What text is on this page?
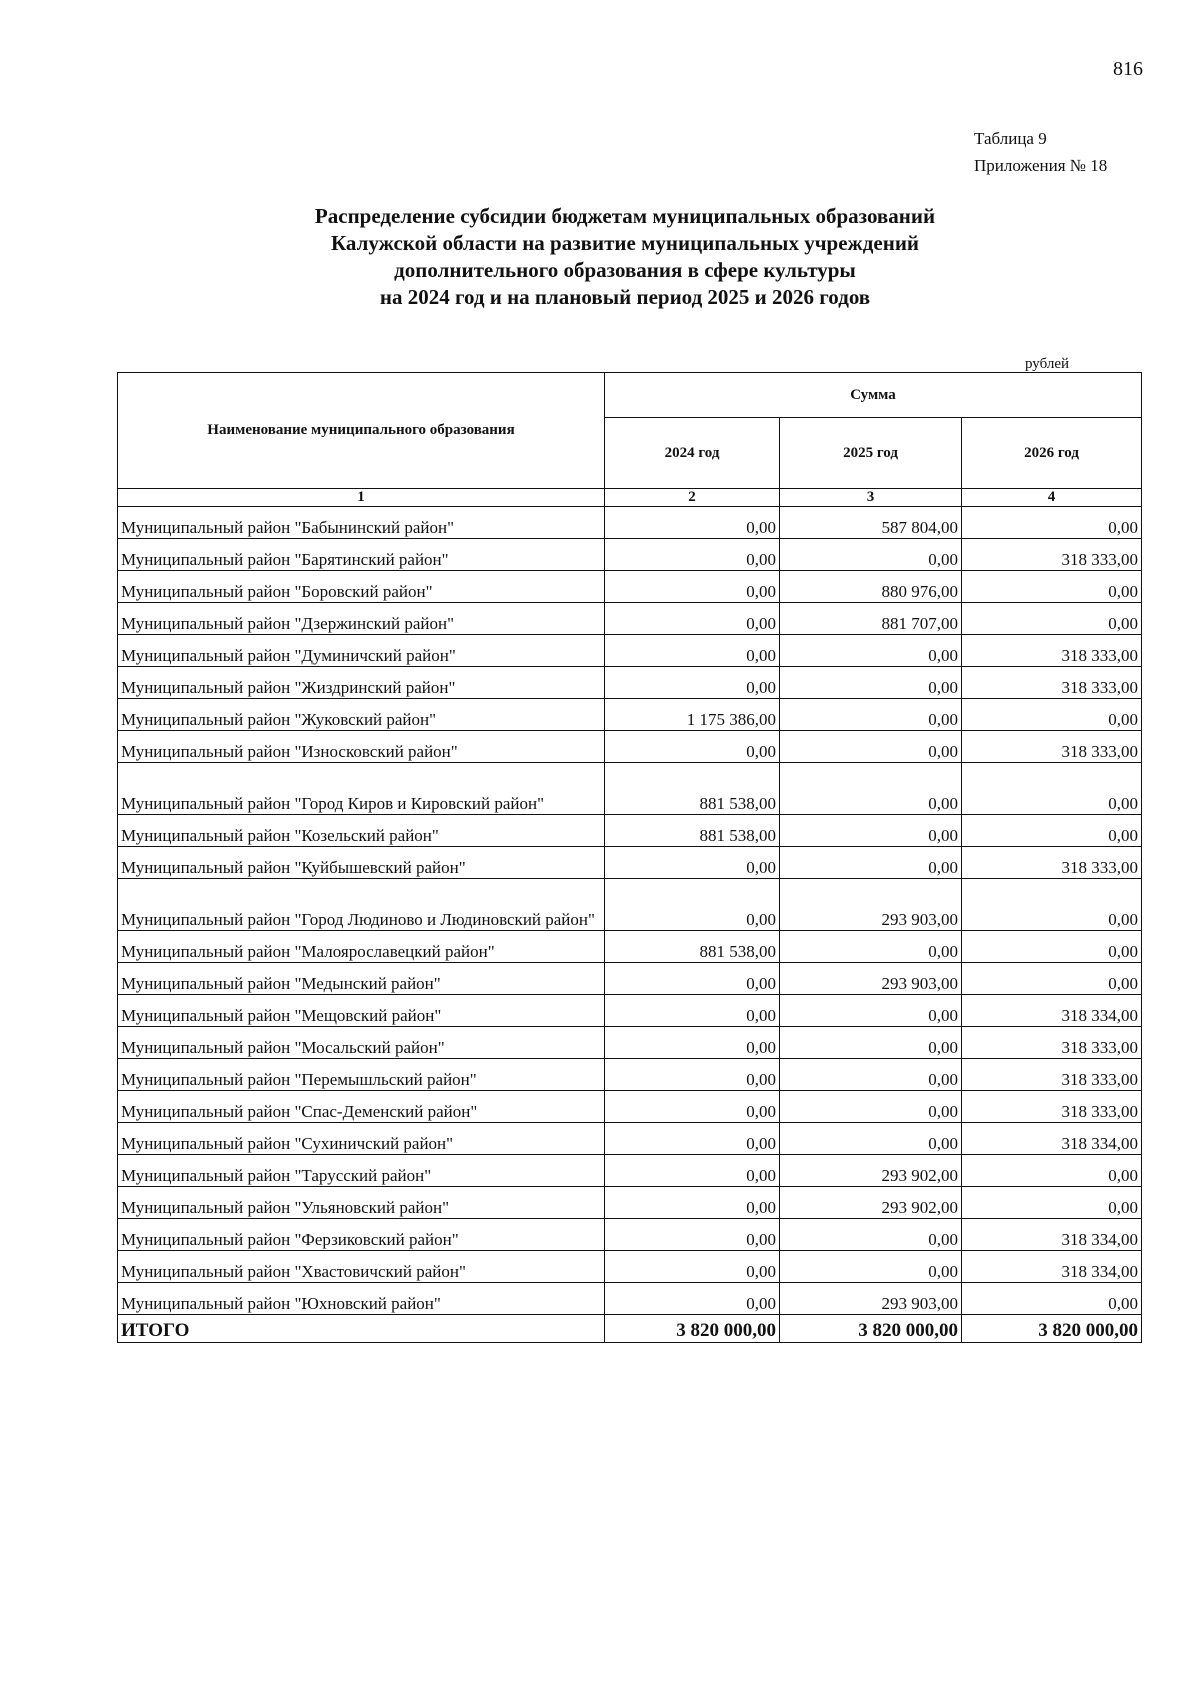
816
Таблица 9
Приложения № 18
Распределение субсидии бюджетам муниципальных образований
Калужской области на развитие муниципальных учреждений
дополнительного образования в сфере культуры
на 2024 год и на плановый период 2025 и 2026 годов
рублей
Наименование муниципального образования	Сумма		
	2024 год	2025 год	2026 год
1	2	3	4
Муниципальный район "Бабынинский район"	0,00	587 804,00	0,00
Муниципальный район "Барятинский район"	0,00	0,00	318 333,00
Муниципальный район "Боровский район"	0,00	880 976,00	0,00
Муниципальный район "Дзержинский район"	0,00	881 707,00	0,00
Муниципальный район "Думиничский район"	0,00	0,00	318 333,00
Муниципальный район "Жиздринский район"	0,00	0,00	318 333,00
Муниципальный район "Жуковский район"	1 175 386,00	0,00	0,00
Муниципальный район "Износковский район"	0,00	0,00	318 333,00
Муниципальный район "Город Киров и Кировский район"	881 538,00	0,00	0,00
Муниципальный район "Козельский район"	881 538,00	0,00	0,00
Муниципальный район "Куйбышевский район"	0,00	0,00	318 333,00
Муниципальный район "Город Людиново и Людиновский район"	0,00	293 903,00	0,00
Муниципальный район "Малоярославецкий район"	881 538,00	0,00	0,00
Муниципальный район "Медынский район"	0,00	293 903,00	0,00
Муниципальный район "Мещовский район"	0,00	0,00	318 334,00
Муниципальный район "Мосальский район"	0,00	0,00	318 333,00
Муниципальный район "Перемышльский район"	0,00	0,00	318 333,00
Муниципальный район "Спас-Деменский район"	0,00	0,00	318 333,00
Муниципальный район "Сухиничский район"	0,00	0,00	318 334,00
Муниципальный район "Тарусский район"	0,00	293 902,00	0,00
Муниципальный район "Ульяновский район"	0,00	293 902,00	0,00
Муниципальный район "Ферзиковский район"	0,00	0,00	318 334,00
Муниципальный район "Хвастовичский район"	0,00	0,00	318 334,00
Муниципальный район "Юхновский район"	0,00	293 903,00	0,00
ИТОГО	3 820 000,00	3 820 000,00	3 820 000,00
